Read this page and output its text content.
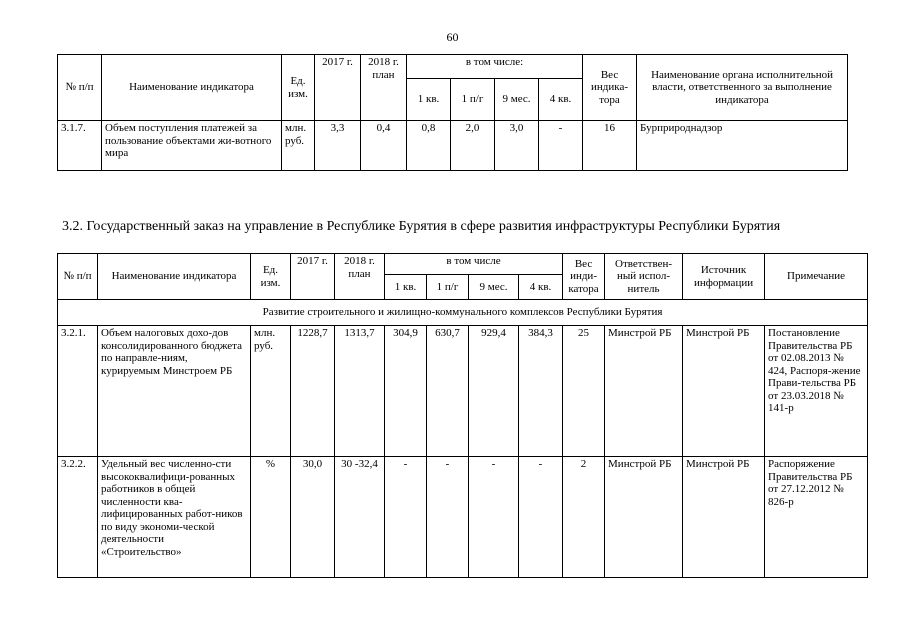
60
№ п/п	Наименование индикатора	Ед. изм.	2017 г.	2018 г. план	в том числе:				Вес индика-тора	Наименование органа исполнительной власти, ответственного за выполнение индикатора
					1 кв.	1 п/г	9 мес.	4 кв.		
3.1.7.	Объем поступления платежей за пользование объектами жи-вотного мира	млн. руб.	3,3	0,4	0,8	2,0	3,0	-	16	Бурприроднадзор
3.2. Государственный заказ на управление в Республике Бурятия в сфере развития инфраструктуры Республики Бурятия
№ п/п	Наименование индикатора	Ед. изм.	2017 г.	2018 г. план	в том числе				Вес инди-катора	Ответствен-ный испол-нитель	Источник информации	Примечание
					1 кв.	1 п/г	9 мес.	4 кв.				
Развитие строительного и жилищно-коммунального комплексов Республики Бурятия												
3.2.1.	Объем налоговых дохо-дов консолидированного бюджета по направле-ниям, курируемым Минстроем РБ	млн. руб.	1228,7	1313,7	304,9	630,7	929,4	384,3	25	Минстрой РБ	Минстрой РБ	Постановление Правительства РБ от 02.08.2013 № 424, Распоря-жение Прави-тельства РБ от 23.03.2018 № 141-р
3.2.2.	Удельный вес численно-сти высококвалифици-рованных работников в общей численности ква-лифицированных работ-ников по виду экономи-ческой деятельности «Строительство»	%	30,0	30 -32,4	-	-	-	-	2	Минстрой РБ	Минстрой РБ	Распоряжение Правительства РБ от 27.12.2012 № 826-р
